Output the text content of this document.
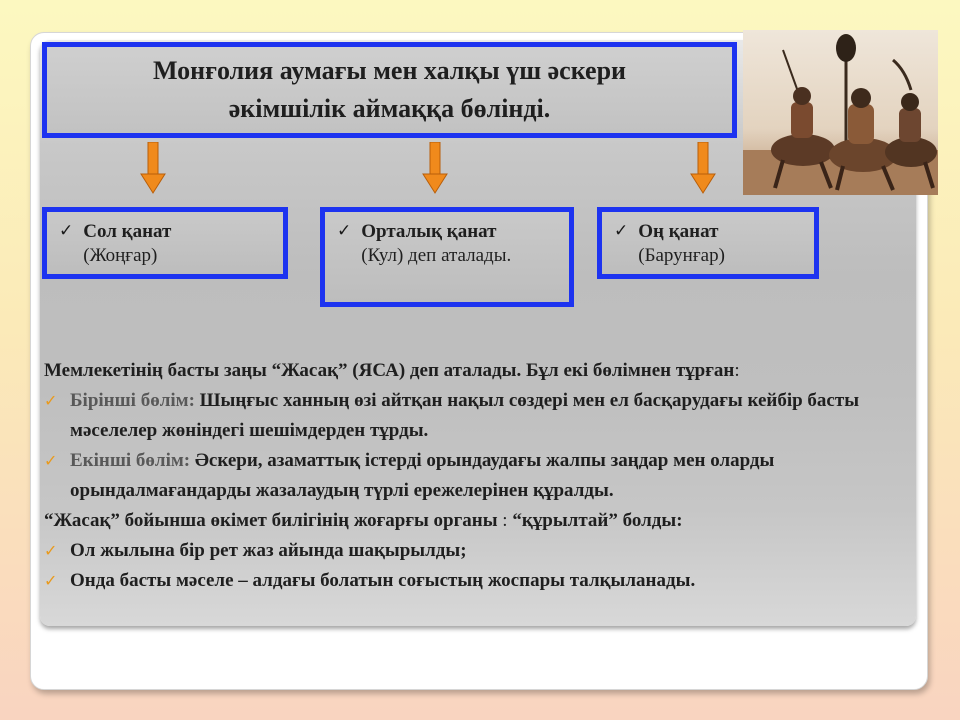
Монғолия аумағы мен халқы үш әскери
әкімшілік аймаққа бөлінді.
✓ Сол қанат
(Жоңғар)
✓ Орталық қанат
(Кул) деп аталады.
✓ Оң қанат
(Барунғар)
Мемлекетінің басты заңы “Жасақ” (ЯСА) деп аталады. Бұл екі бөлімнен тұрған:
✓ Бірінші бөлім: Шыңғыс ханның өзі айтқан нақыл сөздері мен ел басқарудағы кейбір басты мәселелер жөніндегі шешімдерден тұрды.
✓ Екінші бөлім: Әскери, азаматтық істерді орындаудағы жалпы заңдар мен оларды орындалмағандарды жазалаудың түрлі ережелерінен құралды.
“Жасақ” бойынша өкімет билігінің жоғарғы органы : “құрылтай” болды:
✓ Ол жылына бір рет жаз айында шақырылды;
✓ Онда басты мәселе – алдағы болатын соғыстың жоспары талқыланады.
